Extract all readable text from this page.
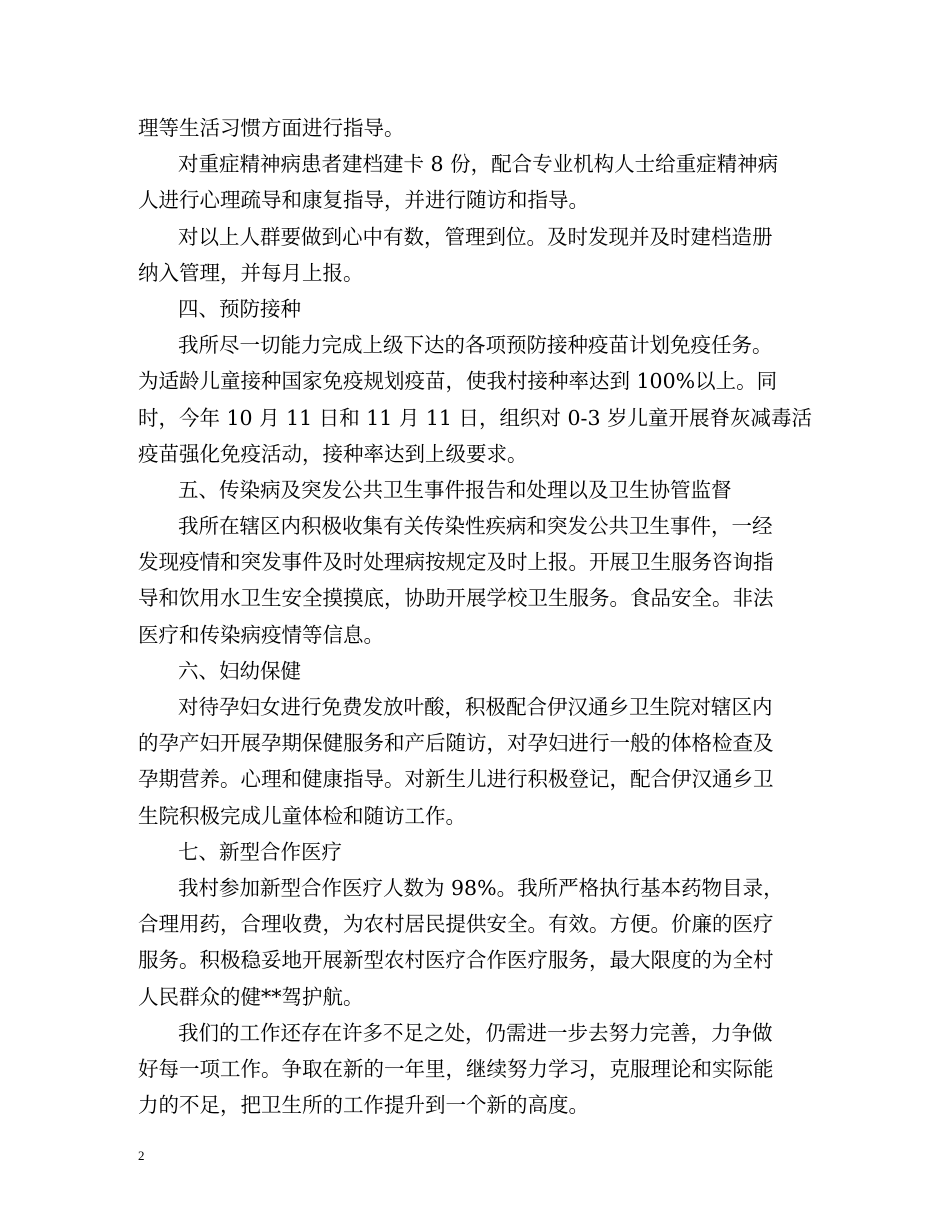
理等生活习惯方面进行指导。
对重症精神病患者建档建卡 8 份，配合专业机构人士给重症精神病
人进行心理疏导和康复指导，并进行随访和指导。
对以上人群要做到心中有数，管理到位。及时发现并及时建档造册
纳入管理，并每月上报。
四、预防接种
我所尽一切能力完成上级下达的各项预防接种疫苗计划免疫任务。
为适龄儿童接种国家免疫规划疫苗，使我村接种率达到 100%以上。同
时，今年 10 月 11 日和 11 月 11 日，组织对 0-3 岁儿童开展脊灰减毒活
疫苗强化免疫活动，接种率达到上级要求。
五、传染病及突发公共卫生事件报告和处理以及卫生协管监督
我所在辖区内积极收集有关传染性疾病和突发公共卫生事件，一经
发现疫情和突发事件及时处理病按规定及时上报。开展卫生服务咨询指
导和饮用水卫生安全摸摸底，协助开展学校卫生服务。食品安全。非法
医疗和传染病疫情等信息。
六、妇幼保健
对待孕妇女进行免费发放叶酸，积极配合伊汉通乡卫生院对辖区内
的孕产妇开展孕期保健服务和产后随访，对孕妇进行一般的体格检查及
孕期营养。心理和健康指导。对新生儿进行积极登记，配合伊汉通乡卫
生院积极完成儿童体检和随访工作。
七、新型合作医疗
我村参加新型合作医疗人数为 98%。我所严格执行基本药物目录，
合理用药，合理收费，为农村居民提供安全。有效。方便。价廉的医疗
服务。积极稳妥地开展新型农村医疗合作医疗服务，最大限度的为全村
人民群众的健**驾护航。
我们的工作还存在许多不足之处，仍需进一步去努力完善，力争做
好每一项工作。争取在新的一年里，继续努力学习，克服理论和实际能
力的不足，把卫生所的工作提升到一个新的高度。
2
